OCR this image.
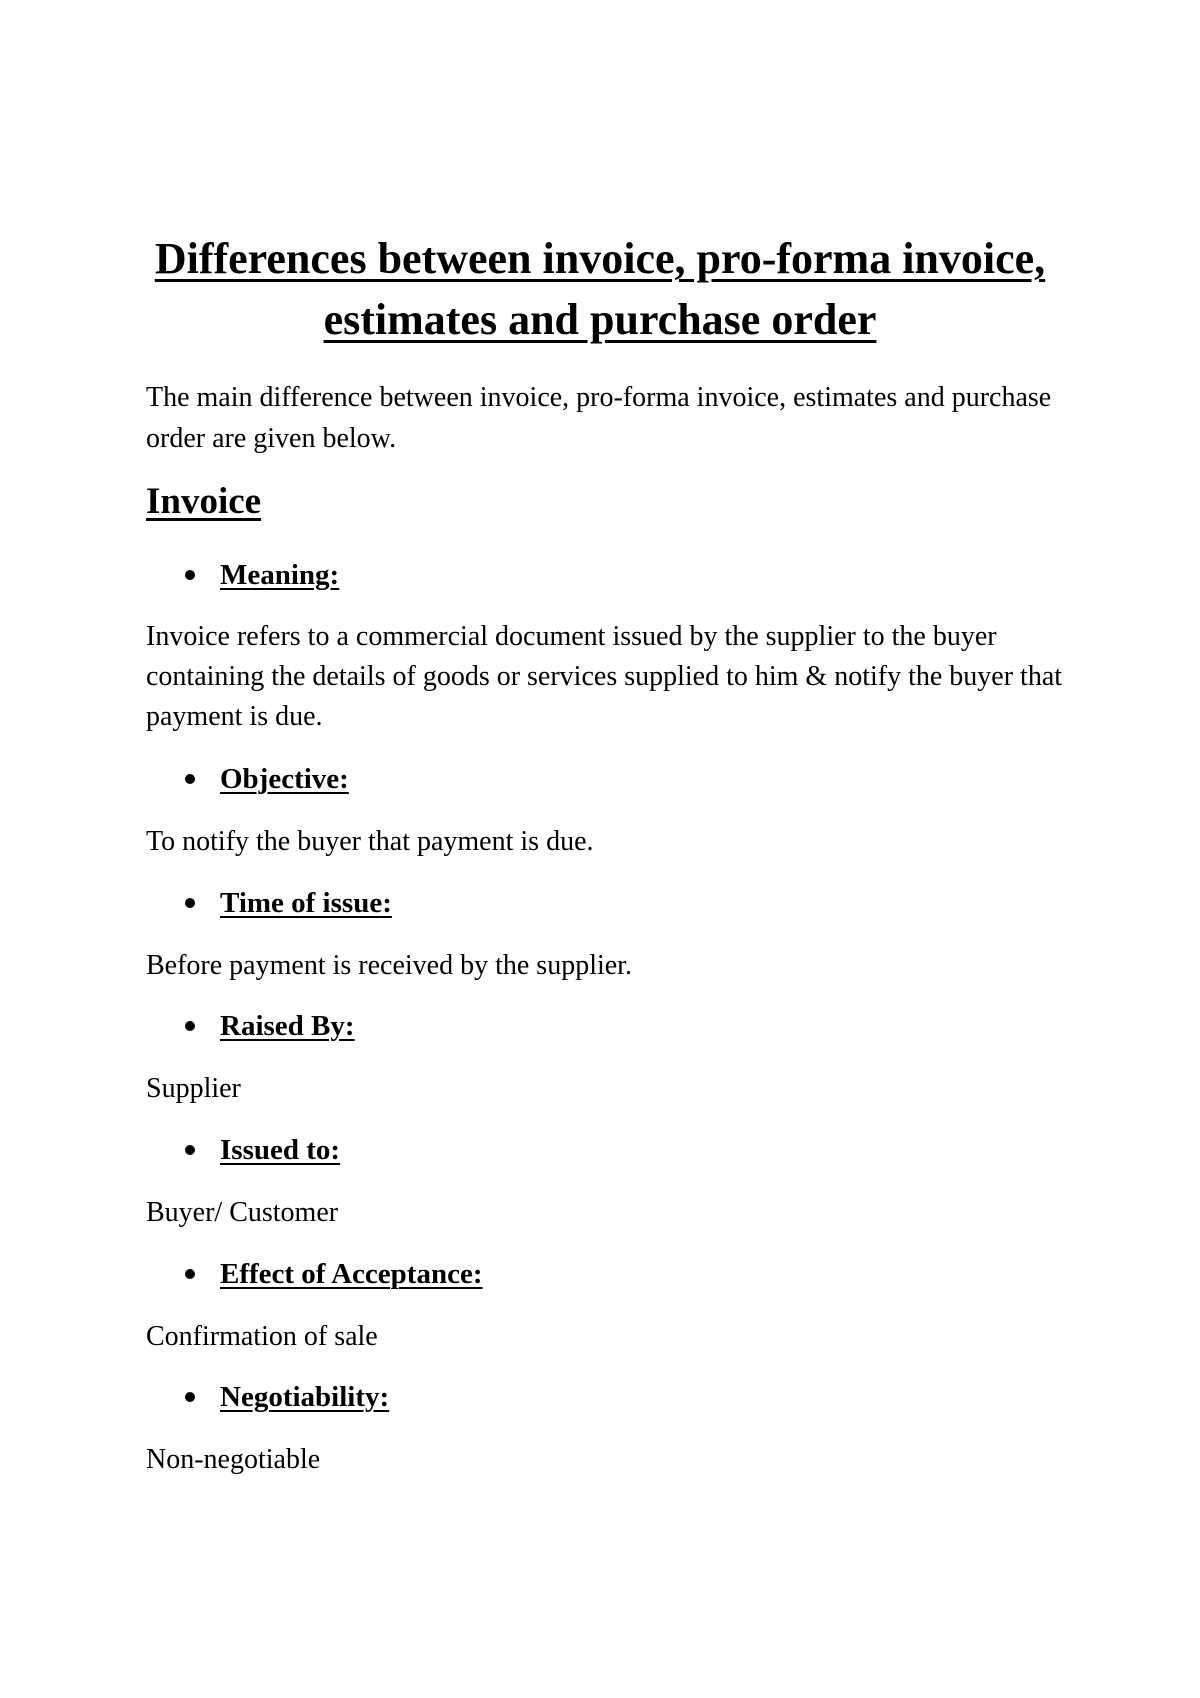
Differences between invoice, pro-forma invoice, estimates and purchase order

The main difference between invoice, pro-forma invoice, estimates and purchase order are given below.

Invoice
Meaning:

Invoice refers to a commercial document issued by the supplier to the buyer containing the details of goods or services supplied to him & notify the buyer that payment is due.

Objective:

To notify the buyer that payment is due.

Time of issue:

Before payment is received by the supplier.

Raised By:

Supplier

Issued to:

Buyer/ Customer

Effect of Acceptance:

Confirmation of sale

Negotiability:

Non-negotiable
